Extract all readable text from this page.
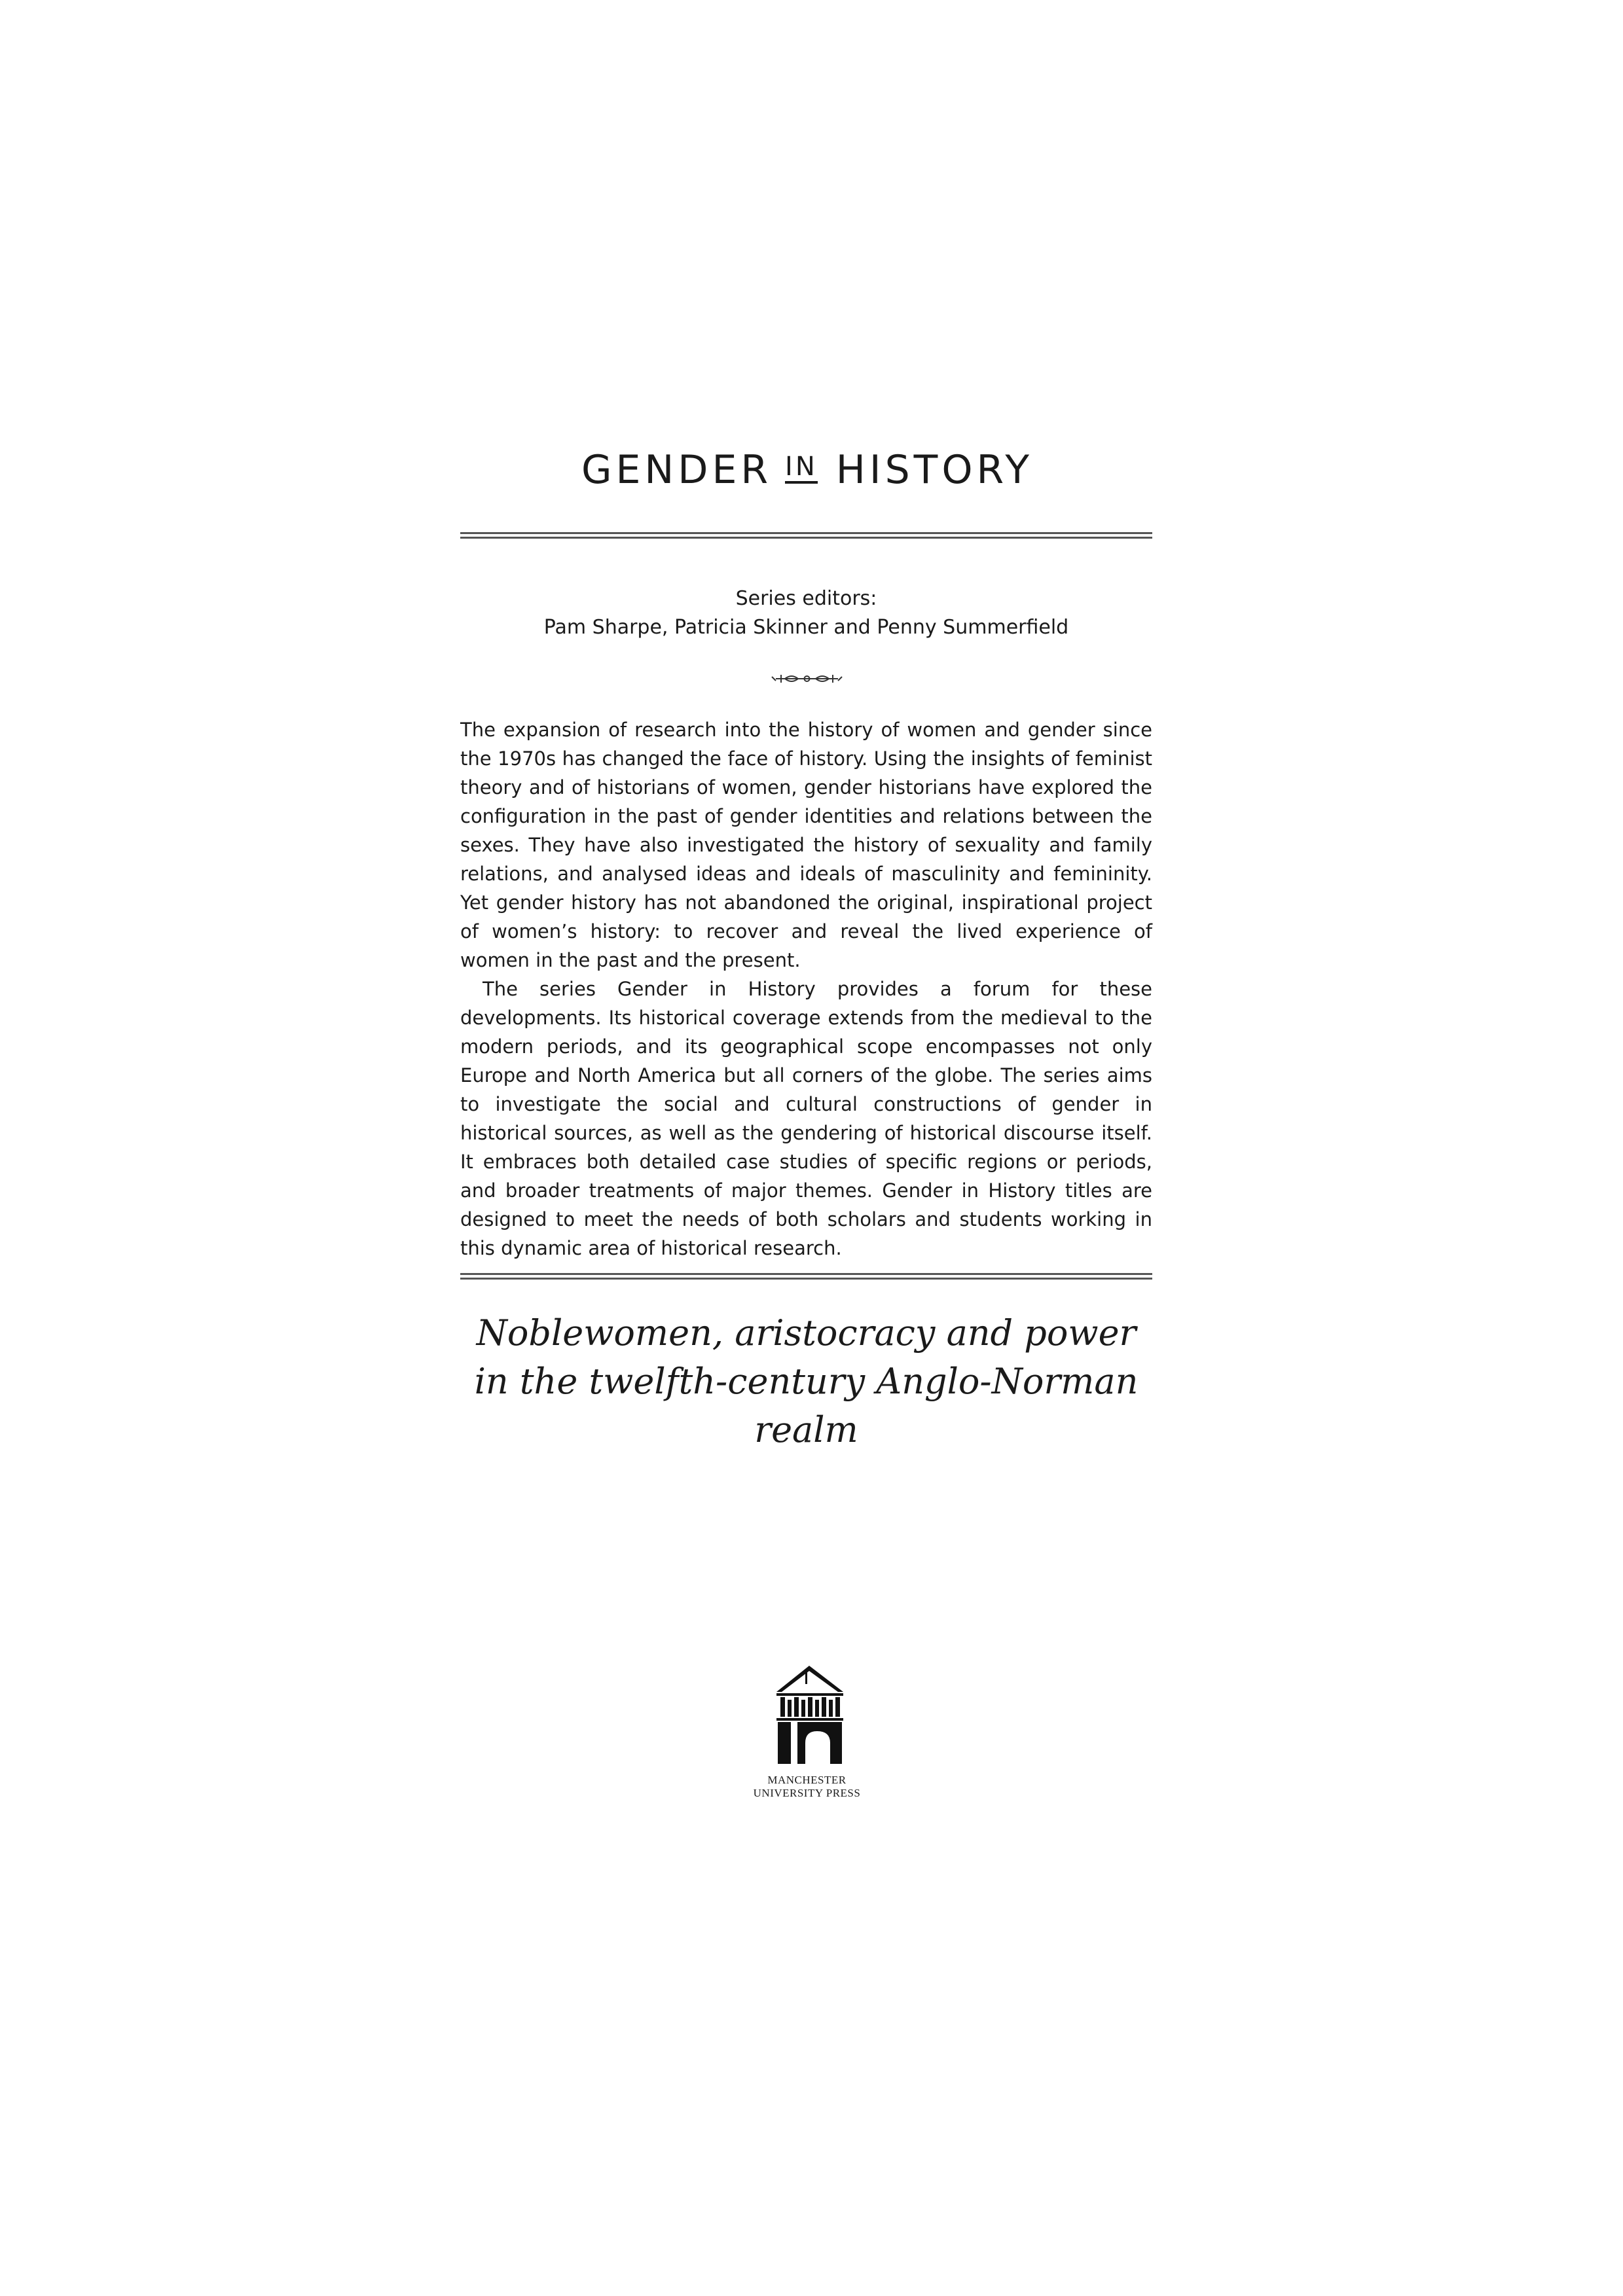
GENDER IN HISTORY
Series editors:
Pam Sharpe, Patricia Skinner and Penny Summerfield

The expansion of research into the history of women and gender since the 1970s has changed the face of history. Using the insights of feminist theory and of historians of women, gender historians have explored the configuration in the past of gender identities and relations between the sexes. They have also investigated the history of sexuality and family relations, and analysed ideas and ideals of masculinity and femininity. Yet gender history has not abandoned the original, inspirational project of women’s history: to recover and reveal the lived experience of women in the past and the present.

The series Gender in History provides a forum for these developments. Its historical coverage extends from the medieval to the modern periods, and its geographical scope encompasses not only Europe and North America but all corners of the globe. The series aims to investigate the social and cultural constructions of gender in historical sources, as well as the gendering of historical discourse itself. It embraces both detailed case studies of specific regions or periods, and broader treatments of major themes. Gender in History titles are designed to meet the needs of both scholars and students working in this dynamic area of historical research.

Noblewomen, aristocracy and power
in the twelfth-century Anglo-Norman realm
MANCHESTER
UNIVERSITY PRESS
